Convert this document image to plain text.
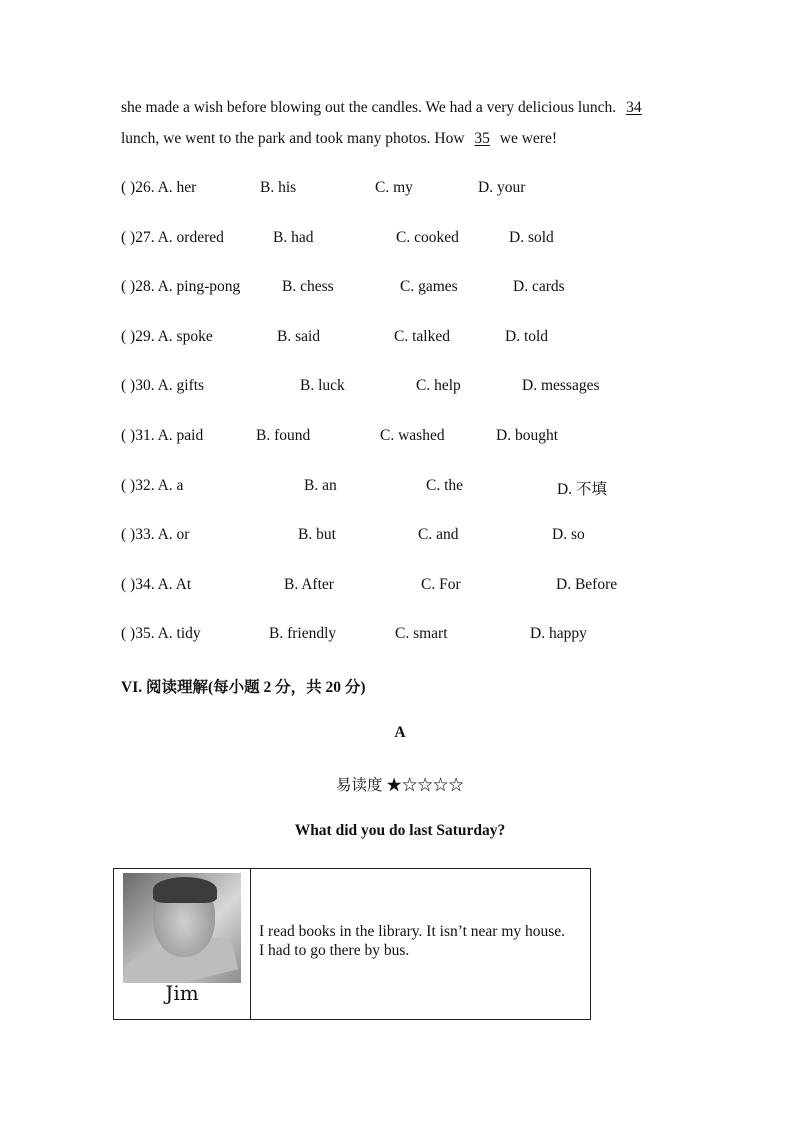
she made a wish before blowing out the candles. We had a very delicious lunch. 34
lunch, we went to the park and took many photos. How 35 we were!
( )26. A. her	B. his	C. my	D. your
( )27. A. ordered	B. had	C. cooked	D. sold
( )28. A. ping-pong	B. chess	C. games	D. cards
( )29. A. spoke	B. said	C. talked	D. told
( )30. A. gifts	B. luck	C. help	D. messages
( )31. A. paid	B. found	C. washed	D. bought
( )32. A. a	B. an	C. the	D. 不填
( )33. A. or	B. but	C. and	D. so
( )34. A. At	B. After	C. For	D. Before
( )35. A. tidy	B. friendly	C. smart	D. happy
VI. 阅读理解(每小题 2 分，共 20 分)
A
易读度 ★☆☆☆☆
What did you do last Saturday?
Jim

I read books in the library. It isn’t near my house.
I had to go there by bus.
